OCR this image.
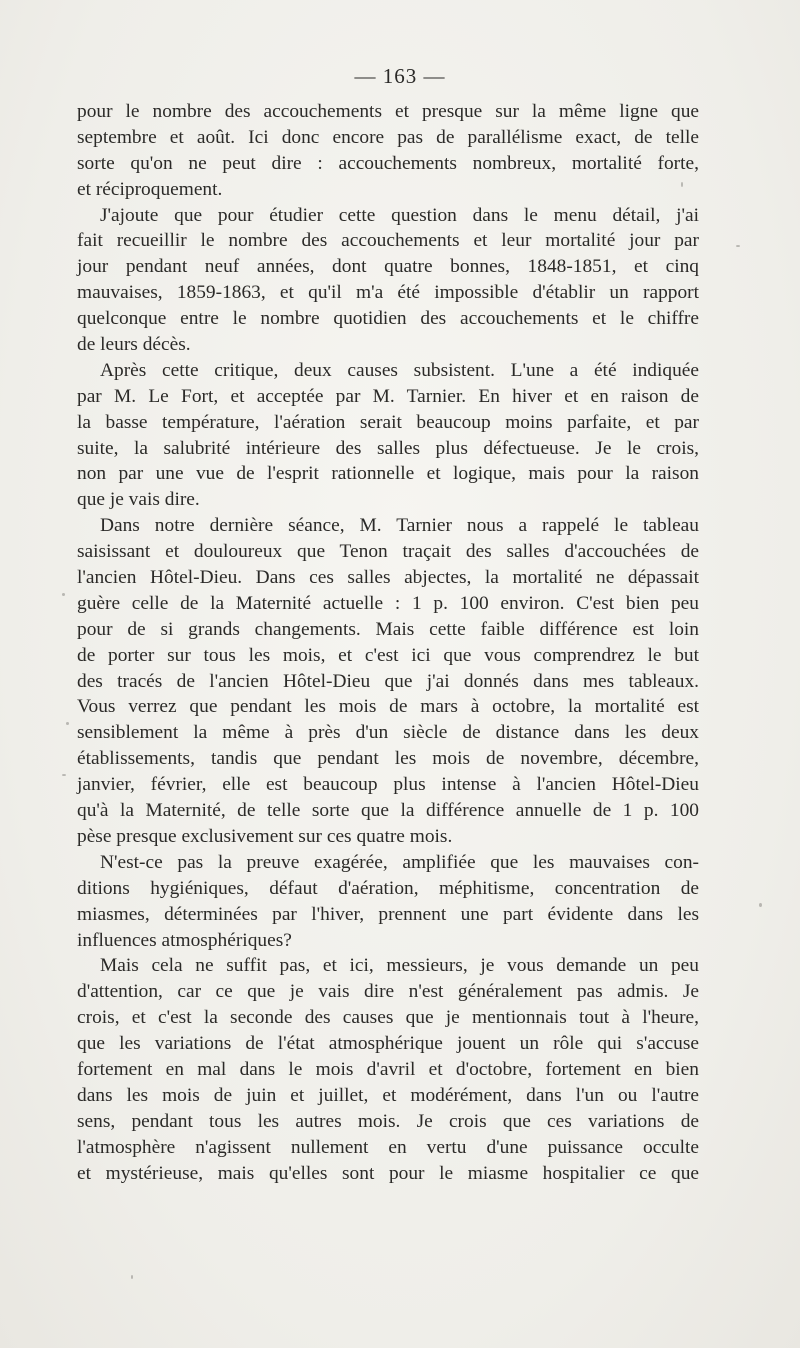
— 163 —
pour le nombre des accouchements et presque sur la même ligne que
septembre et août. Ici donc encore pas de parallélisme exact, de telle
sorte qu'on ne peut dire : accouchements nombreux, mortalité forte,
et réciproquement.
J'ajoute que pour étudier cette question dans le menu détail, j'ai
fait recueillir le nombre des accouchements et leur mortalité jour par
jour pendant neuf années, dont quatre bonnes, 1848-1851, et cinq
mauvaises, 1859-1863, et qu'il m'a été impossible d'établir un rapport
quelconque entre le nombre quotidien des accouchements et le chiffre
de leurs décès.
Après cette critique, deux causes subsistent. L'une a été indiquée
par M. Le Fort, et acceptée par M. Tarnier. En hiver et en raison de
la basse température, l'aération serait beaucoup moins parfaite, et par
suite, la salubrité intérieure des salles plus défectueuse. Je le crois,
non par une vue de l'esprit rationnelle et logique, mais pour la raison
que je vais dire.
Dans notre dernière séance, M. Tarnier nous a rappelé le tableau
saisissant et douloureux que Tenon traçait des salles d'accouchées de
l'ancien Hôtel-Dieu. Dans ces salles abjectes, la mortalité ne dépassait
guère celle de la Maternité actuelle : 1 p. 100 environ. C'est bien peu
pour de si grands changements. Mais cette faible différence est loin
de porter sur tous les mois, et c'est ici que vous comprendrez le but
des tracés de l'ancien Hôtel-Dieu que j'ai donnés dans mes tableaux.
Vous verrez que pendant les mois de mars à octobre, la mortalité est
sensiblement la même à près d'un siècle de distance dans les deux
établissements, tandis que pendant les mois de novembre, décembre,
janvier, février, elle est beaucoup plus intense à l'ancien Hôtel-Dieu
qu'à la Maternité, de telle sorte que la différence annuelle de 1 p. 100
pèse presque exclusivement sur ces quatre mois.
N'est-ce pas la preuve exagérée, amplifiée que les mauvaises con-
ditions hygiéniques, défaut d'aération, méphitisme, concentration de
miasmes, déterminées par l'hiver, prennent une part évidente dans les
influences atmosphériques?
Mais cela ne suffit pas, et ici, messieurs, je vous demande un peu
d'attention, car ce que je vais dire n'est généralement pas admis. Je
crois, et c'est la seconde des causes que je mentionnais tout à l'heure,
que les variations de l'état atmosphérique jouent un rôle qui s'accuse
fortement en mal dans le mois d'avril et d'octobre, fortement en bien
dans les mois de juin et juillet, et modérément, dans l'un ou l'autre
sens, pendant tous les autres mois. Je crois que ces variations de
l'atmosphère n'agissent nullement en vertu d'une puissance occulte
et mystérieuse, mais qu'elles sont pour le miasme hospitalier ce que
